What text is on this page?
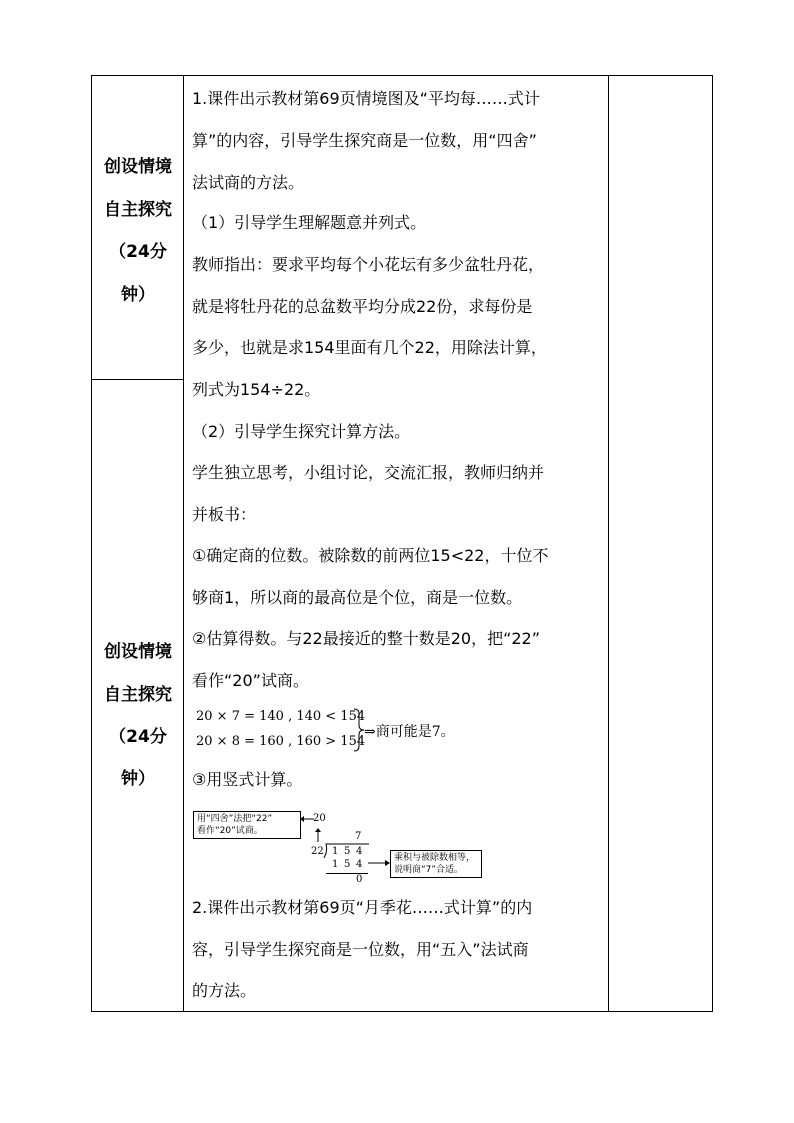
创设情境
自主探究
（24分
钟）
创设情境
自主探究
（24分
钟）
1.课件出示教材第69页情境图及“平均每……式计
算”的内容，引导学生探究商是一位数，用“四舍”
法试商的方法。
（1）引导学生理解题意并列式。
教师指出：要求平均每个小花坛有多少盆牡丹花，
就是将牡丹花的总盆数平均分成22份，求每份是
多少，也就是求154里面有几个22，用除法计算，
列式为154÷22。
（2）引导学生探究计算方法。
学生独立思考，小组讨论，交流汇报，教师归纳并
并板书：
①确定商的位数。被除数的前两位15<22，十位不
够商1，所以商的最高位是个位，商是一位数。
②估算得数。与22最接近的整十数是20，把“22”
看作“20”试商。
20 × 7 = 140 , 140 < 154
20 × 8 = 160 , 160 > 154
⇒商可能是7。
③用竖式计算。
用“四舍”法把“22”
看作“20”试商。
20
7
22 1 5 4
1 5 4
0
乘积与被除数相等，
说明商“7”合适。
2.课件出示教材第69页“月季花……式计算”的内
容，引导学生探究商是一位数，用“五入”法试商
的方法。
